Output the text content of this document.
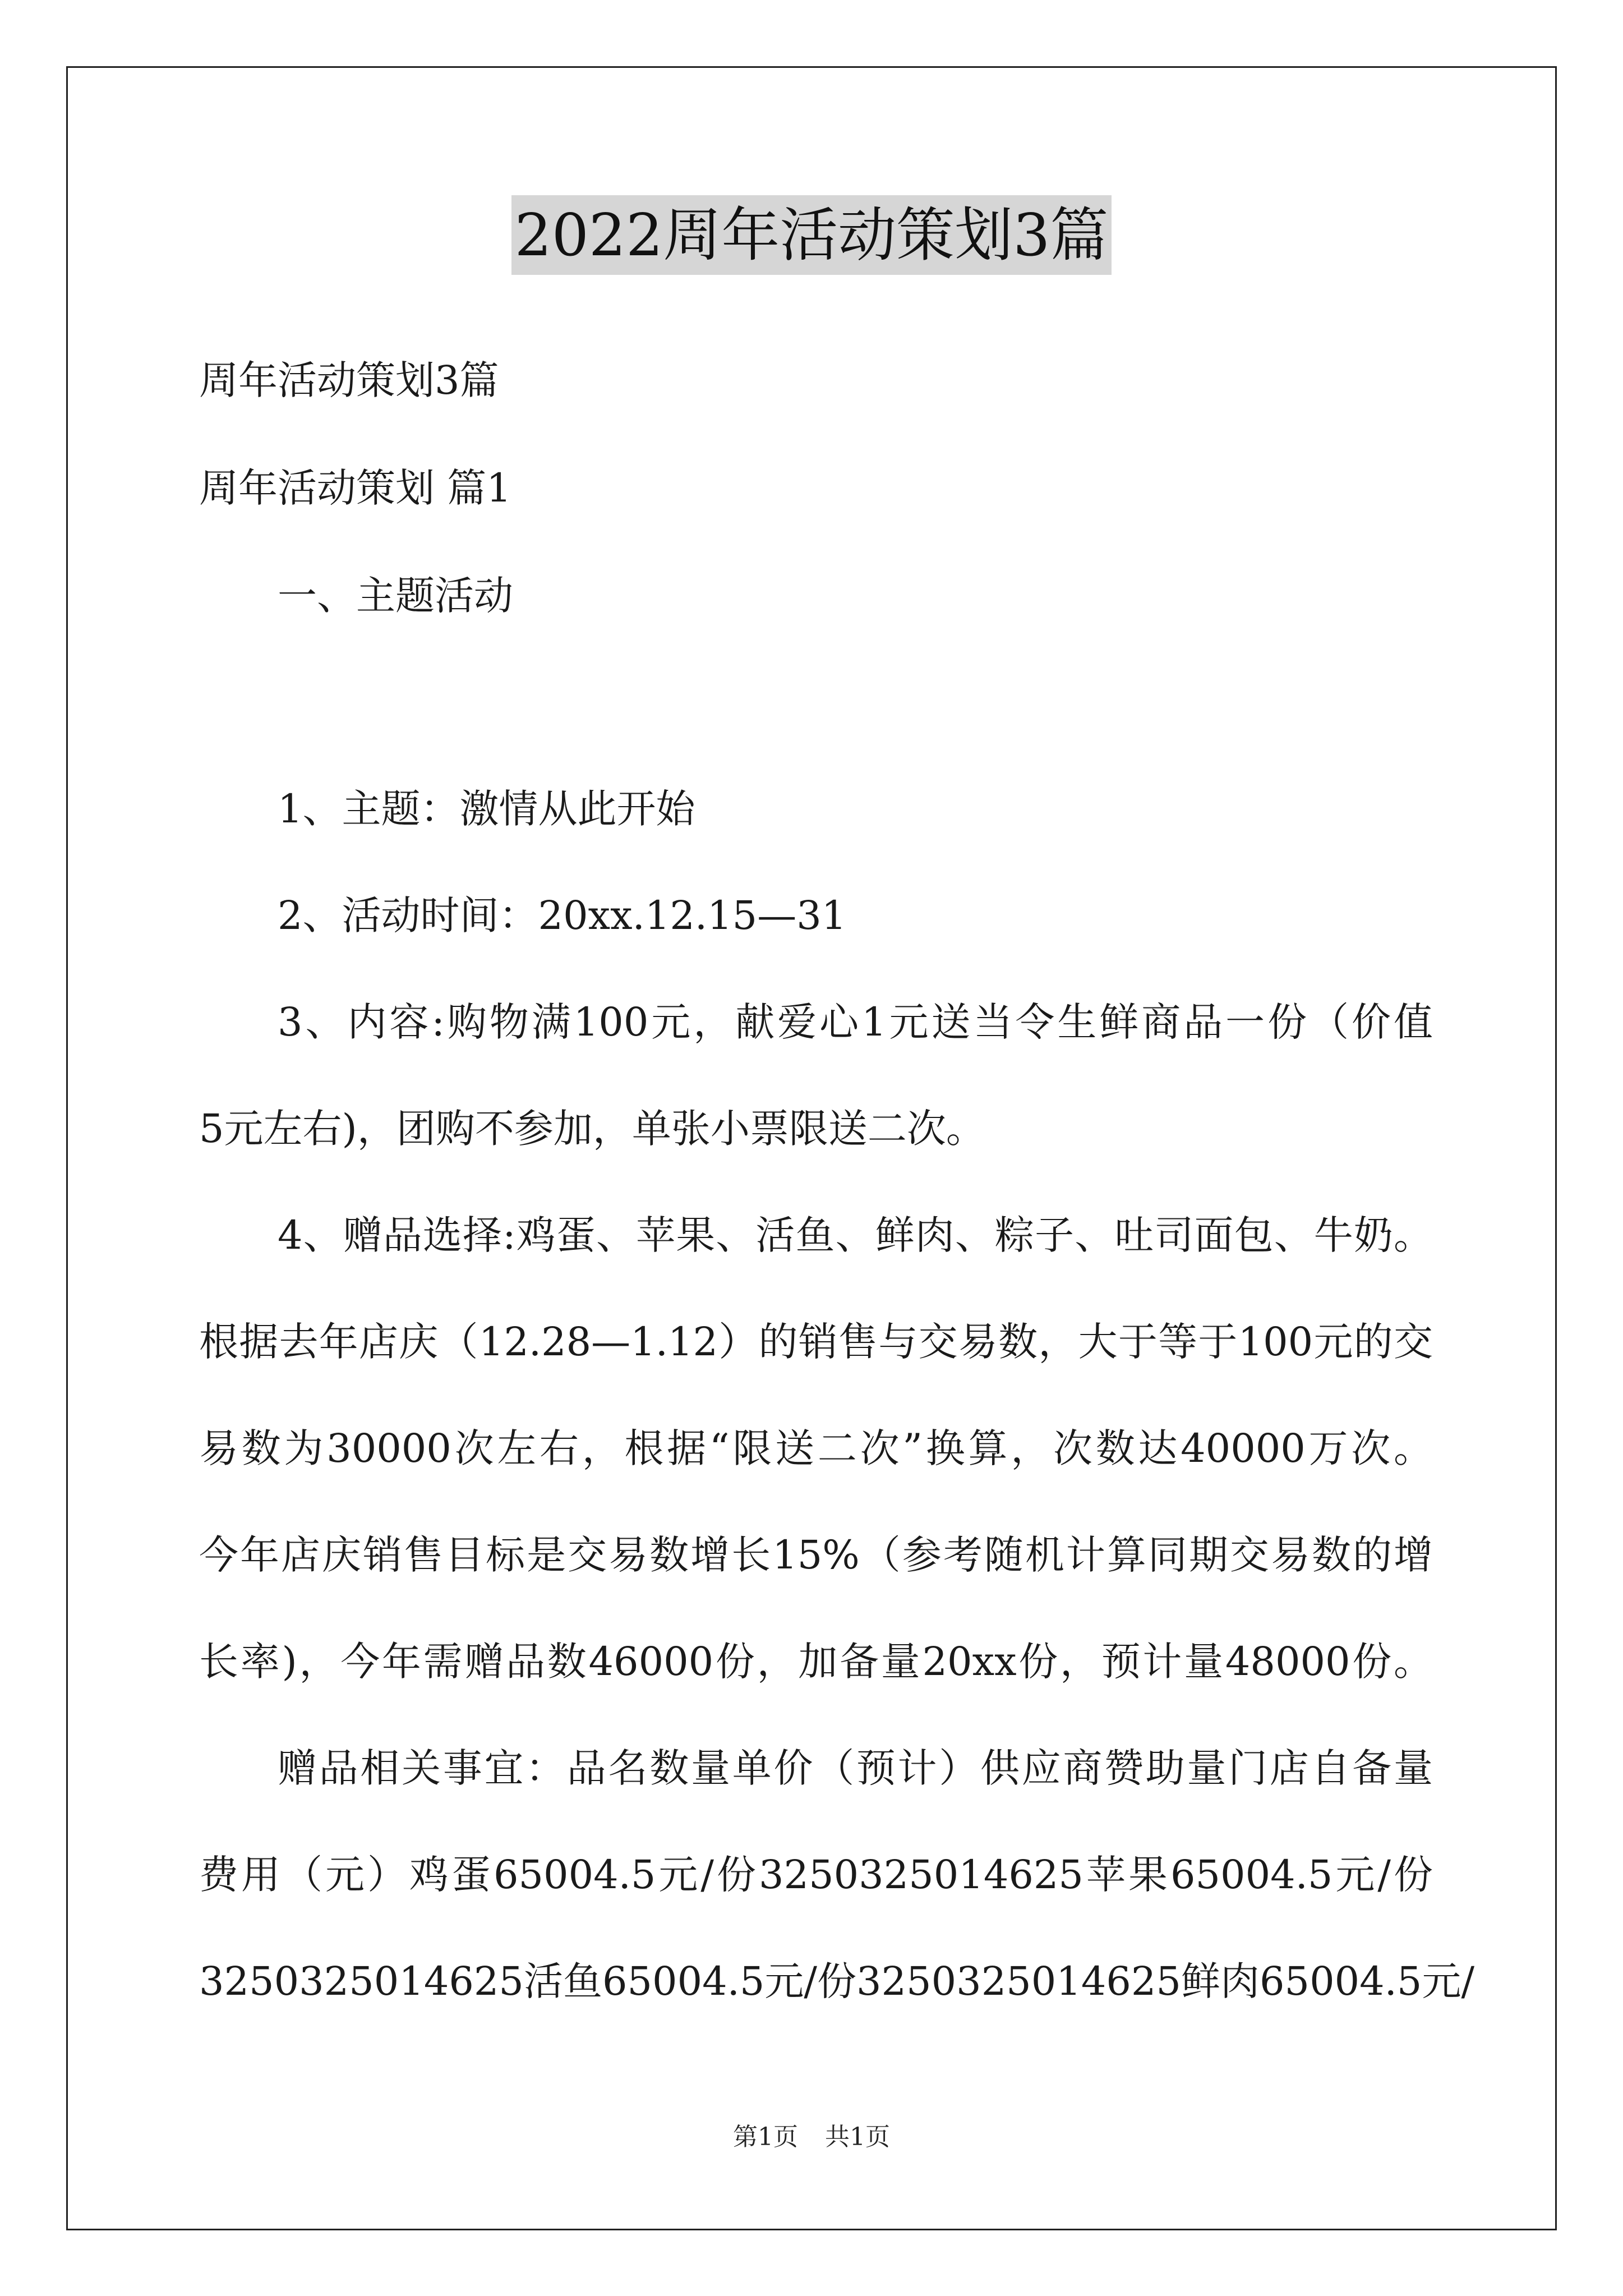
2022周年活动策划3篇
周年活动策划3篇
周年活动策划 篇1
一、主题活动
1、主题：激情从此开始
2、活动时间：20xx.12.15—31
3、内容:购物满100元，献爱心1元送当令生鲜商品一份（价值
5元左右)，团购不参加，单张小票限送二次。
4、赠品选择:鸡蛋、苹果、活鱼、鲜肉、粽子、吐司面包、牛奶。
根据去年店庆（12.28—1.12）的销售与交易数，大于等于100元的交
易数为30000次左右，根据“限送二次”换算，次数达40000万次。
今年店庆销售目标是交易数增长15%（参考随机计算同期交易数的增
长率)，今年需赠品数46000份，加备量20xx份，预计量48000份。
赠品相关事宜：品名数量单价（预计）供应商赞助量门店自备量
费用（元）鸡蛋65004.5元/份3250325014625苹果65004.5元/份
3250325014625活鱼65004.5元/份3250325014625鲜肉65004.5元/
第1页 共1页
